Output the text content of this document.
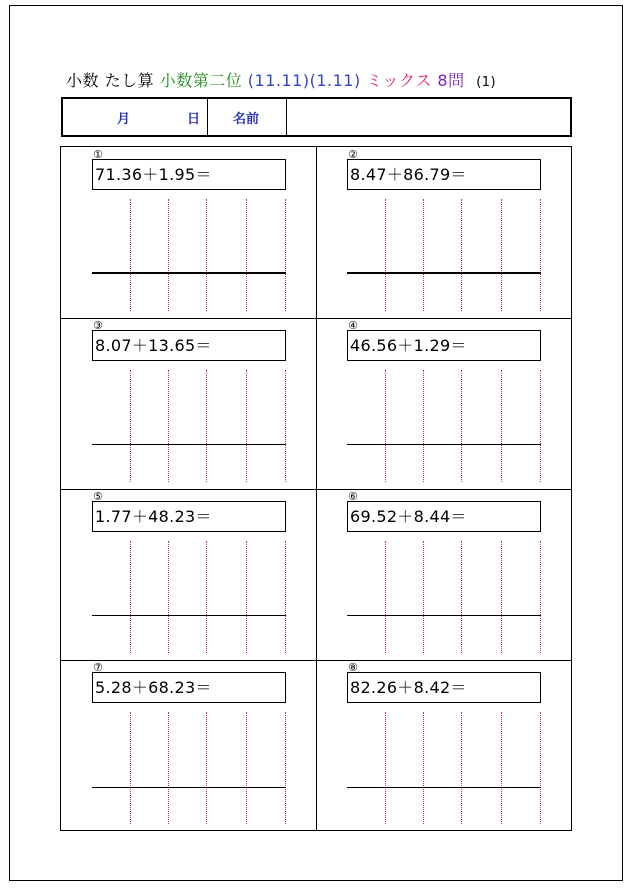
小数 たし算 小数第二位 (11.11)(1.11) ミックス 8問 (1)
月	日	名前
①
71.36＋1.95＝
②
8.47＋86.79＝
③
8.07＋13.65＝
④
46.56＋1.29＝
⑤
1.77＋48.23＝
⑥
69.52＋8.44＝
⑦
5.28＋68.23＝
⑧
82.26＋8.42＝
